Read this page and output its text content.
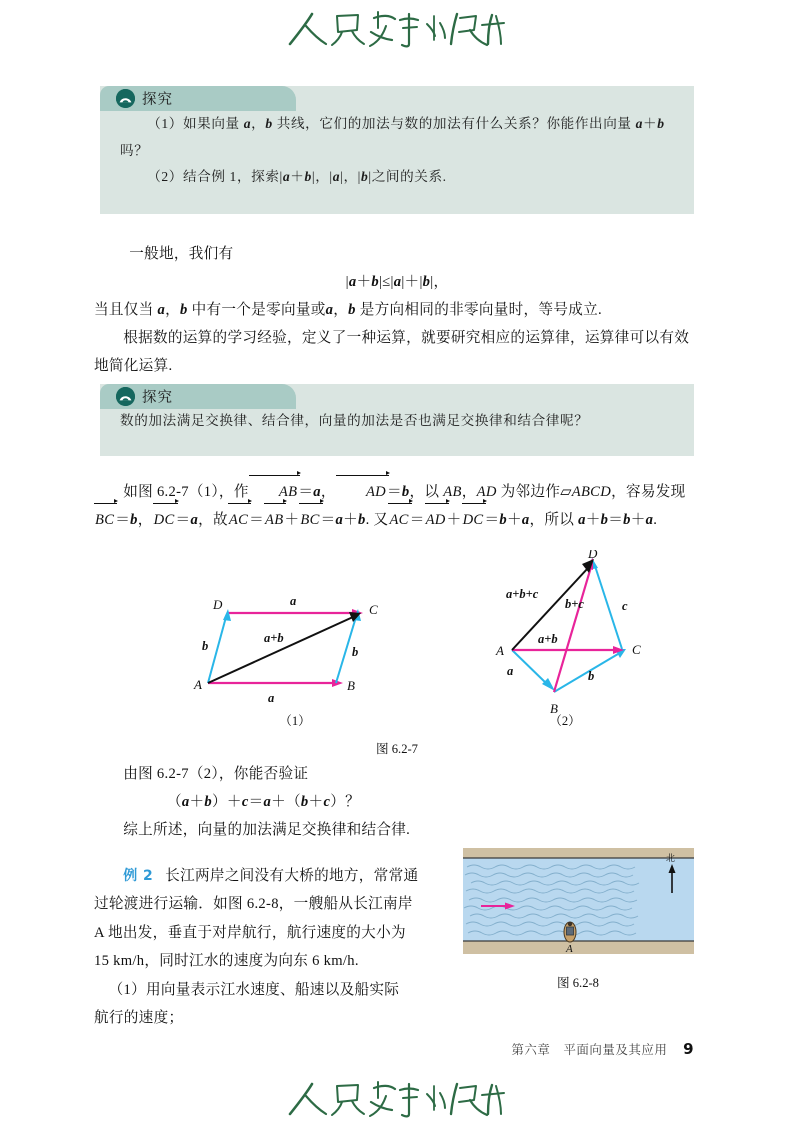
探究

（1）如果向量 a，b 共线，它们的加法与数的加法有什么关系？你能作出向量 a＋b吗？

（2）结合例 1，探索|a＋b|，|a|，|b|之间的关系.

一般地，我们有
|a＋b|≤|a|＋|b|，
当且仅当 a，b 中有一个是零向量或a，b 是方向相同的非零向量时，等号成立.
根据数的运算的学习经验，定义了一种运算，就要研究相应的运算律，运算律可以有效地简化运算.
探究

数的加法满足交换律、结合律，向量的加法是否也满足交换律和结合律呢？

如图 6.2-7（1），作 AB＝a， AD＝b，以 AB，AD 为邻边作▱ABCD，容易发现
BC＝b，DC＝a，故AC＝AB＋BC＝a＋b. 又AC＝AD＋DC＝b＋a，所以 a＋b＝b＋a.
A	B
C
D
a
a
b	b
a+b
（1）
A
B
C
D
a	b
c
a+b
b+c
a+b+c
（2）
图 6.2-7
由图 6.2-7（2），你能否验证
（a＋b）＋c＝a＋（b＋c）？
综上所述，向量的加法满足交换律和结合律.
例 2 长江两岸之间没有大桥的地方，常常通
过轮渡进行运输．如图 6.2-8，一艘船从长江南岸
A 地出发，垂直于对岸航行，航行速度的大小为
15 km/h，同时江水的速度为向东 6 km/h.
（1）用向量表示江水速度、船速以及船实际
航行的速度；
北
A
图 6.2-8
第六章　平面向量及其应用 9
